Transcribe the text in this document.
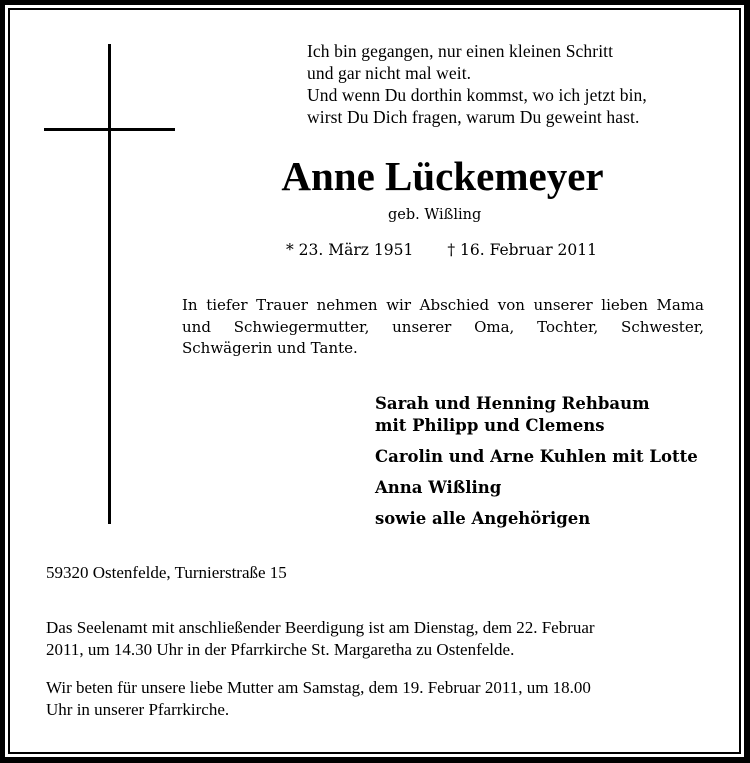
Ich bin gegangen, nur einen kleinen Schritt
und gar nicht mal weit.
Und wenn Du dorthin kommst, wo ich jetzt bin,
wirst Du Dich fragen, warum Du geweint hast.
Anne Lückemeyer
geb. Wißling
* 23. März 1951 † 16. Februar 2011
In tiefer Trauer nehmen wir Abschied von unserer lieben Mama
und Schwiegermutter, unserer Oma, Tochter, Schwester,
Schwägerin und Tante.
Sarah und Henning Rehbaum
mit Philipp und Clemens
Carolin und Arne Kuhlen mit Lotte
Anna Wißling
sowie alle Angehörigen
59320 Ostenfelde, Turnierstraße 15
Das Seelenamt mit anschließender Beerdigung ist am Dienstag, dem 22. Februar
2011, um 14.30 Uhr in der Pfarrkirche St. Margaretha zu Ostenfelde.
Wir beten für unsere liebe Mutter am Samstag, dem 19. Februar 2011, um 18.00
Uhr in unserer Pfarrkirche.
